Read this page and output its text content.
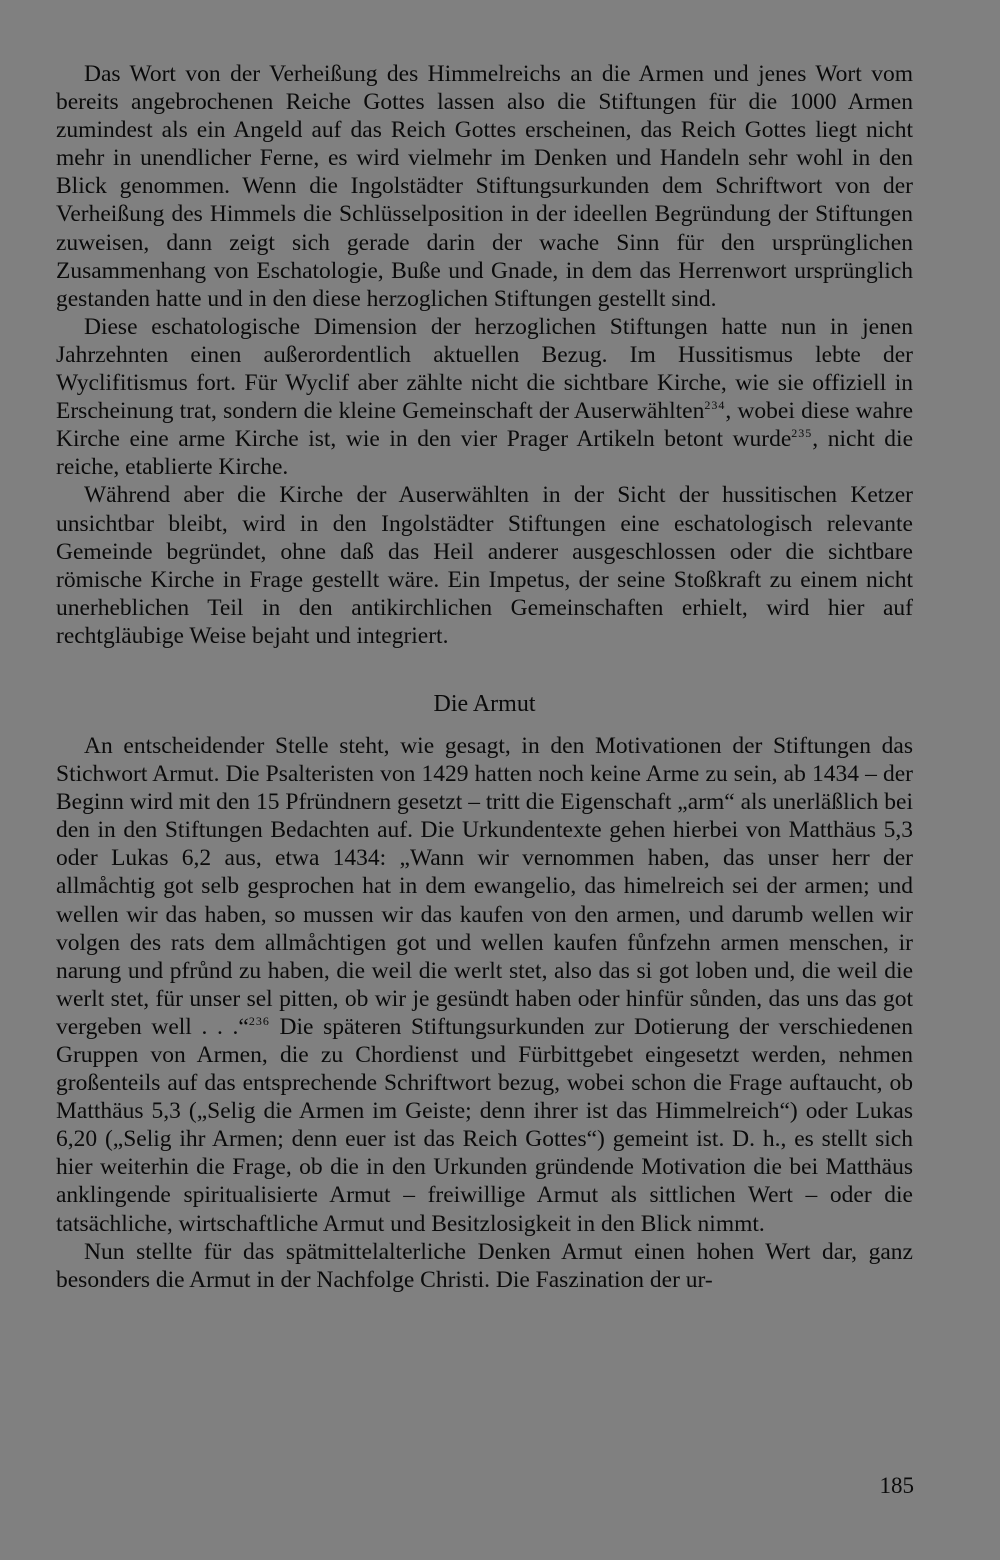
Das Wort von der Verheißung des Himmelreichs an die Armen und jenes Wort vom bereits angebrochenen Reiche Gottes lassen also die Stiftungen für die 1000 Armen zumindest als ein Angeld auf das Reich Gottes erscheinen, das Reich Gottes liegt nicht mehr in unendlicher Ferne, es wird vielmehr im Denken und Handeln sehr wohl in den Blick genommen. Wenn die Ingolstädter Stiftungsurkunden dem Schriftwort von der Verheißung des Himmels die Schlüsselposition in der ideellen Begründung der Stiftungen zuweisen, dann zeigt sich gerade darin der wache Sinn für den ursprünglichen Zusammenhang von Eschatologie, Buße und Gnade, in dem das Herrenwort ursprünglich gestanden hatte und in den diese herzoglichen Stiftungen gestellt sind.

Diese eschatologische Dimension der herzoglichen Stiftungen hatte nun in jenen Jahrzehnten einen außerordentlich aktuellen Bezug. Im Hussitismus lebte der Wyclifitismus fort. Für Wyclif aber zählte nicht die sichtbare Kirche, wie sie offiziell in Erscheinung trat, sondern die kleine Gemeinschaft der Auserwählten$^{234}$, wobei diese wahre Kirche eine arme Kirche ist, wie in den vier Prager Artikeln betont wurde$^{235}$, nicht die reiche, etablierte Kirche.

Während aber die Kirche der Auserwählten in der Sicht der hussitischen Ketzer unsichtbar bleibt, wird in den Ingolstädter Stiftungen eine eschatologisch relevante Gemeinde begründet, ohne daß das Heil anderer ausgeschlossen oder die sichtbare römische Kirche in Frage gestellt wäre. Ein Impetus, der seine Stoßkraft zu einem nicht unerheblichen Teil in den antikirchlichen Gemeinschaften erhielt, wird hier auf rechtgläubige Weise bejaht und integriert.

Die Armut

An entscheidender Stelle steht, wie gesagt, in den Motivationen der Stiftungen das Stichwort Armut. Die Psalteristen von 1429 hatten noch keine Arme zu sein, ab 1434 – der Beginn wird mit den 15 Pfründnern gesetzt – tritt die Eigenschaft „arm“ als unerläßlich bei den in den Stiftungen Bedachten auf. Die Urkundentexte gehen hierbei von Matthäus 5,3 oder Lukas 6,2 aus, etwa 1434: „Wann wir vernommen haben, das unser herr der allmåchtig got selb gesprochen hat in dem ewangelio, das himelreich sei der armen; und wellen wir das haben, so mussen wir das kaufen von den armen, und darumb wellen wir volgen des rats dem allmåchtigen got und wellen kaufen fůnfzehn armen menschen, ir narung und pfrůnd zu haben, die weil die werlt stet, also das si got loben und, die weil die werlt stet, für unser sel pitten, ob wir je gesündt haben oder hinfür sůnden, das uns das got vergeben well . . .“$^{236}$ Die späteren Stiftungsurkunden zur Dotierung der verschiedenen Gruppen von Armen, die zu Chordienst und Fürbittgebet eingesetzt werden, nehmen großenteils auf das entsprechende Schriftwort bezug, wobei schon die Frage auftaucht, ob Matthäus 5,3 („Selig die Armen im Geiste; denn ihrer ist das Himmelreich“) oder Lukas 6,20 („Selig ihr Armen; denn euer ist das Reich Gottes“) gemeint ist. D. h., es stellt sich hier weiterhin die Frage, ob die in den Urkunden gründende Motivation die bei Matthäus anklingende spiritualisierte Armut – freiwillige Armut als sittlichen Wert – oder die tatsächliche, wirtschaftliche Armut und Besitzlosigkeit in den Blick nimmt.

Nun stellte für das spätmittelalterliche Denken Armut einen hohen Wert dar, ganz besonders die Armut in der Nachfolge Christi. Die Faszination der ur-

185
